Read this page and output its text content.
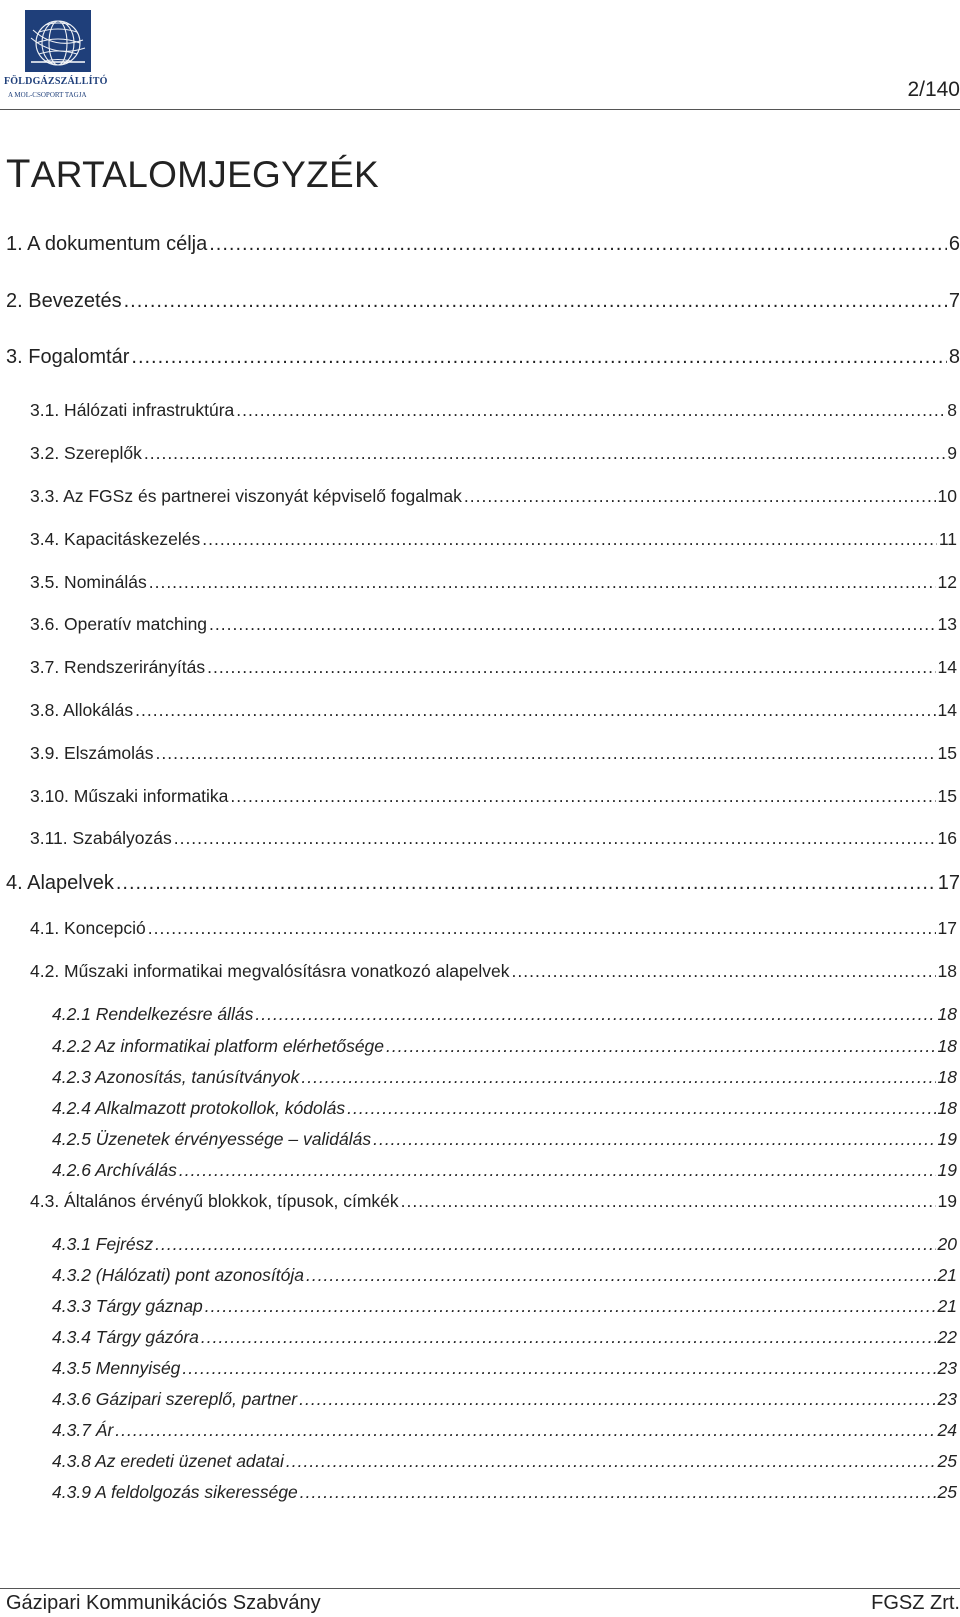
FÖLDGÁZSZÁLLÍTÓ
A MOL-CSOPORT TAGJA	2/140
TARTALOMJEGYZÉK
1. A dokumentum célja .....	6
2. Bevezetés .....	7
3. Fogalomtár .....	8
3.1. Hálózati infrastruktúra .....	8
3.2. Szereplők .....	9
3.3. Az FGSz és partnerei viszonyát képviselő fogalmak .....	10
3.4. Kapacitáskezelés .....	11
3.5. Nominálás .....	12
3.6. Operatív matching .....	13
3.7. Rendszerirányítás .....	14
3.8. Allokálás .....	14
3.9. Elszámolás .....	15
3.10. Műszaki informatika .....	15
3.11. Szabályozás .....	16
4. Alapelvek .....	17
4.1. Koncepció .....	17
4.2. Műszaki informatikai megvalósításra vonatkozó alapelvek .....	18
4.2.1 Rendelkezésre állás .....	18
4.2.2 Az informatikai platform elérhetősége .....	18
4.2.3 Azonosítás, tanúsítványok .....	18
4.2.4 Alkalmazott protokollok, kódolás .....	18
4.2.5 Üzenetek érvényessége – validálás .....	19
4.2.6 Archíválás .....	19
4.3. Általános érvényű blokkok, típusok, címkék .....	19
4.3.1 Fejrész .....	20
4.3.2 (Hálózati) pont azonosítója .....	21
4.3.3 Tárgy gáznap .....	21
4.3.4 Tárgy gázóra .....	22
4.3.5 Mennyiség .....	23
4.3.6 Gázipari szereplő, partner .....	23
4.3.7 Ár .....	24
4.3.8 Az eredeti üzenet adatai .....	25
4.3.9 A feldolgozás sikeressége .....	25
Gázipari Kommunikációs Szabvány	FGSZ Zrt.
